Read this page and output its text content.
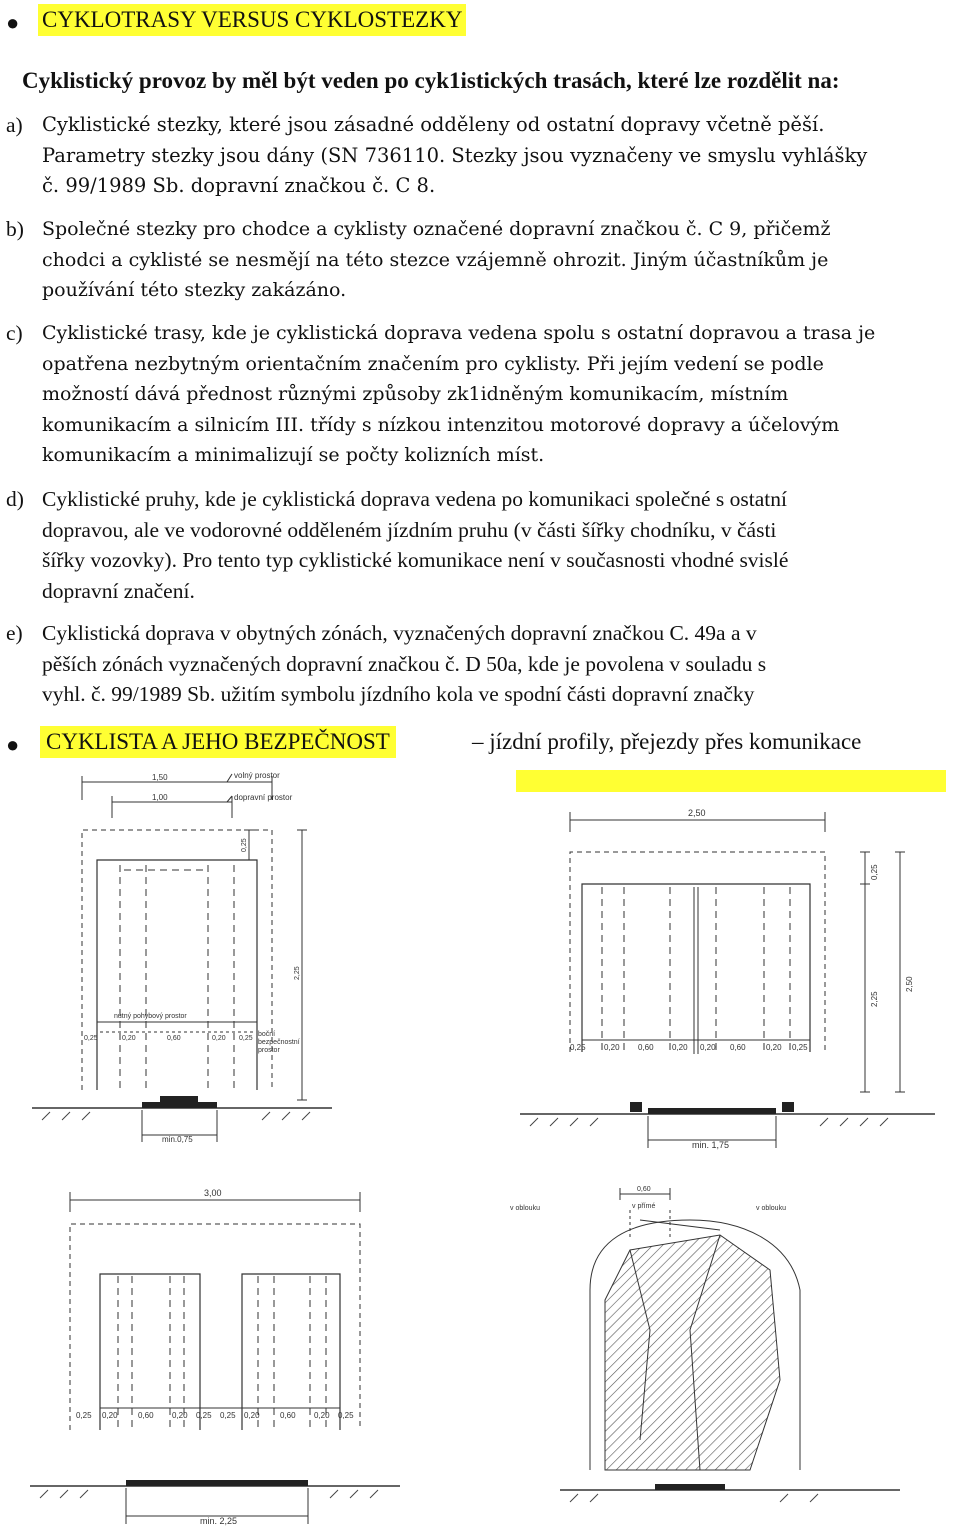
● CYKLOTRASY VERSUS CYKLOSTEZKY
Cyklistický provoz by měl být veden po cyk1istických trasách, které lze rozdělit na:
a) Cyklistické stezky, které jsou zásadné odděleny od ostatní dopravy včetně pěší.
Parametry stezky jsou dány (SN 736110. Stezky jsou vyznačeny ve smyslu vyhlášky
č. 99/1989 Sb. dopravní značkou č. C 8.
b) Společné stezky pro chodce a cyklisty označené dopravní značkou č. C 9, přičemž
chodci a cyklisté se nesmějí na této stezce vzájemně ohrozit. Jiným účastníkům je
používání této stezky zakázáno.
c) Cyklistické trasy, kde je cyklistická doprava vedena spolu s ostatní dopravou a trasa je
opatřena nezbytným orientačním značením pro cyklisty. Při jejím vedení se podle
možností dává přednost různými způsoby zk1idněným komunikacím, místním
komunikacím a silnicím III. třídy s nízkou intenzitou motorové dopravy a účelovým
komunikacím a minimalizují se počty kolizních míst.
d) Cyklistické pruhy, kde je cyklistická doprava vedena po komunikaci společné s ostatní
dopravou, ale ve vodorovné odděleném jízdním pruhu (v části šířky chodníku, v části
šířky vozovky). Pro tento typ cyklistické komunikace není v současnosti vhodné svislé
dopravní značení.
e) Cyklistická doprava v obytných zónách, vyznačených dopravní značkou C. 49a a v
pěších zónách vyznačených dopravní značkou č. D 50a, kde je povolena v souladu s
vyhl. č. 99/1989 Sb. užitím symbolu jízdního kola ve spodní části dopravní značky
● CYKLISTA A JEHO BEZPEČNOST	– jízdní profily, přejezdy přes komunikace
1,50
1,00
volný prostor
dopravní prostor
0,25
2,25
nutný pohybový prostor
0,25	0,20	0,60	0,20 0,25
boční
bezpečnostní
prostor
min.0,75
2,50
0,25
2,25
2,50
0,25 0,20 0,60 0,20 0,20 0,60	0,20 0,25
min. 1,75
3,00
0,25 0,20	0,60 0,20 0,25 0,25 0,20	0,60 0,20 0,25
min. 2,25
0,60
v oblouku	v přímé	v oblouku
